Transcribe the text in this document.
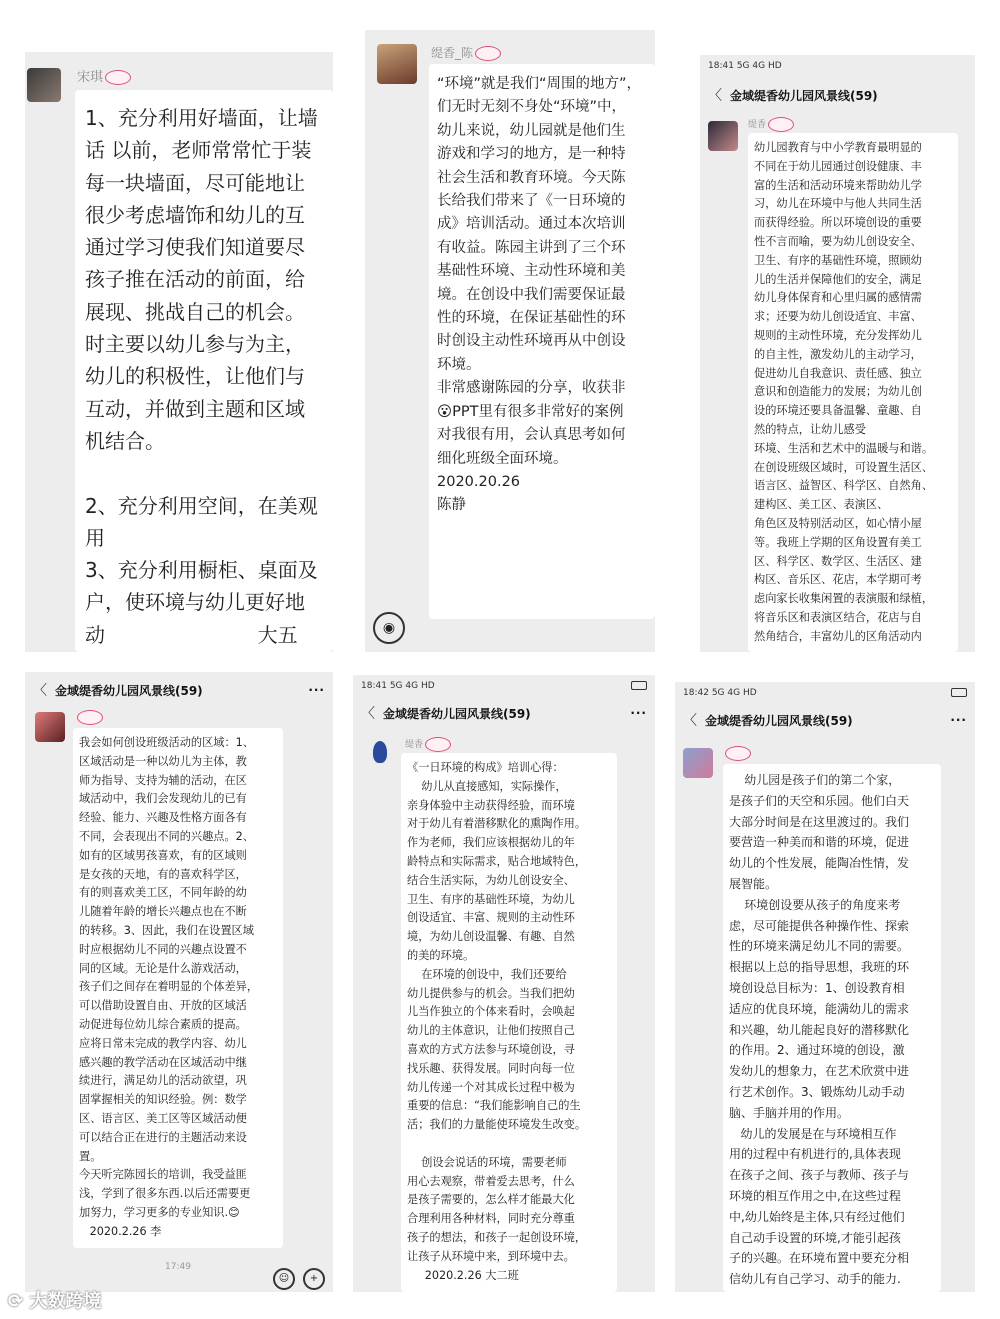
宋琪

1、充分利用好墙面，让墙
话 以前，老师常常忙于装
每一块墙面，尽可能地让
很少考虑墙饰和幼儿的互
通过学习使我们知道要尽
孩子推在活动的前面，给
展现、挑战自己的机会。
时主要以幼儿参与为主，
幼儿的积极性，让他们与
互动，并做到主题和区域
机结合。

2、充分利用空间，在美观
用
3、充分利用橱柜、桌面及
户，使环境与幼儿更好地
动                        大五

缇香_陈

“环境”就是我们“周围的地方”，
们无时无刻不身处“环境”中，
幼儿来说，幼儿园就是他们生
游戏和学习的地方，是一种特
社会生活和教育环境。今天陈
长给我们带来了《一日环境的
成》培训活动。通过本次培训
有收益。陈园主讲到了三个环
基础性环境、主动性环境和美
境。在创设中我们需要保证最
性的环境，在保证基础性的环
时创设主动性环境再从中创设
环境。
非常感谢陈园的分享，收获非
😮PPT里有很多非常好的案例
对我很有用，会认真思考如何
细化班级全面环境。
2020.20.26
陈静

◉
18:41 5G 4G HD
〈 金域缇香幼儿园风景线(59)
缇香

幼儿园教育与中小学教育最明显的
不同在于幼儿园通过创设健康、丰
富的生活和活动环境来帮助幼儿学
习，幼儿在环境中与他人共同生活
而获得经验。所以环境创设的重要
性不言而喻，要为幼儿创设安全、
卫生、有序的基础性环境，照顾幼
儿的生活并保障他们的安全，满足
幼儿身体保育和心里归属的感情需
求；还要为幼儿创设适宜、丰富、
规则的主动性环境，充分发挥幼儿
的自主性，激发幼儿的主动学习，
促进幼儿自我意识、责任感、独立
意识和创造能力的发展；为幼儿创
设的环境还要具备温馨、童趣、自
然的特点，让幼儿感受
环境、生活和艺术中的温暖与和谐。
在创设班级区域时，可设置生活区、
语言区、益智区、科学区、自然角、
建构区、美工区、表演区、
角色区及特别活动区，如心情小屋
等。我班上学期的区角设置有美工
区、科学区、数学区、生活区、建
构区、音乐区、花店，本学期可考
虑向家长收集闲置的表演服和绿植，
将音乐区和表演区结合，花店与自
然角结合，丰富幼儿的区角活动内

〈 金域缇香幼儿园风景线(59)	···

我会如何创设班级活动的区域：1、
区域活动是一种以幼儿为主体，教
师为指导、支持为辅的活动，在区
域活动中，我们会发现幼儿的已有
经验、能力、兴趣及性格方面各有
不同，会表现出不同的兴趣点。2、
如有的区域男孩喜欢，有的区域则
是女孩的天地，有的喜欢科学区，
有的则喜欢美工区，不同年龄的幼
儿随着年龄的增长兴趣点也在不断
的转移。3、因此，我们在设置区域
时应根据幼儿不同的兴趣点设置不
同的区域。无论是什么游戏活动，
孩子们之间存在着明显的个体差异，
可以借助设置自由、开放的区域活
动促进每位幼儿综合素质的提高。
应将日常未完成的教学内容、幼儿
感兴趣的教学活动在区域活动中继
续进行，满足幼儿的活动欲望，巩
固掌握相关的知识经验。例：数学
区、语言区、美工区等区域活动便
可以结合正在进行的主题活动来设
置。
今天听完陈园长的培训，我受益匪
浅，学到了很多东西.以后还需要更
加努力，学习更多的专业知识.😊
2020.2.26 李

17:49
☺	+
18:41 5G 4G HD
〈 金域缇香幼儿园风景线(59)	···
缇香

《一日环境的构成》培训心得：
幼儿从直接感知，实际操作，
亲身体验中主动获得经验，而环境
对于幼儿有着潜移默化的熏陶作用。
作为老师，我们应该根据幼儿的年
龄特点和实际需求，贴合地域特色，
结合生活实际，为幼儿创设安全、
卫生、有序的基础性环境，为幼儿
创设适宜、丰富、规则的主动性环
境，为幼儿创设温馨、有趣、自然
的美的环境。
在环境的创设中，我们还要给
幼儿提供参与的机会。当我们把幼
儿当作独立的个体来看时，会唤起
幼儿的主体意识，让他们按照自己
喜欢的方式方法参与环境创设，寻
找乐趣、获得发展。同时向每一位
幼儿传递一个对其成长过程中极为
重要的信息：“我们能影响自己的生
活；我们的力量能使环境发生改变。

创设会说话的环境，需要老师
用心去观察，带着爱去思考，什么
是孩子需要的，怎么样才能最大化
合理利用各种材料，同时充分尊重
孩子的想法，和孩子一起创设环境，
让孩子从环境中来，到环境中去。
2020.2.26 大二班

18:42 5G 4G HD
〈 金域缇香幼儿园风景线(59)	···

幼儿园是孩子们的第二个家，
是孩子们的天空和乐园。他们白天
大部分时间是在这里渡过的。我们
要营造一种美而和谐的环境，促进
幼儿的个性发展，能陶冶性情，发
展智能。
环境创设要从孩子的角度来考
虑，尽可能提供各种操作性、探索
性的环境来满足幼儿不同的需要。
根据以上总的指导思想，我班的环
境创设总目标为：1、创设教育相
适应的优良环境，能满幼儿的需求
和兴趣，幼儿能起良好的潜移默化
的作用。2、通过环境的创设，激
发幼儿的想象力，在艺术欣赏中进
行艺术创作。3、锻炼幼儿动手动
脑、手脑并用的作用。
幼儿的发展是在与环境相互作
用的过程中有机进行的,具体表现
在孩子之间、孩子与教师、孩子与
环境的相互作用之中,在这些过程
中,幼儿始终是主体,只有经过他们
自己动手设置的环境,才能引起孩
子的兴趣。在环境布置中要充分相
信幼儿有自己学习、动手的能力.

⟳ 大数跨境
